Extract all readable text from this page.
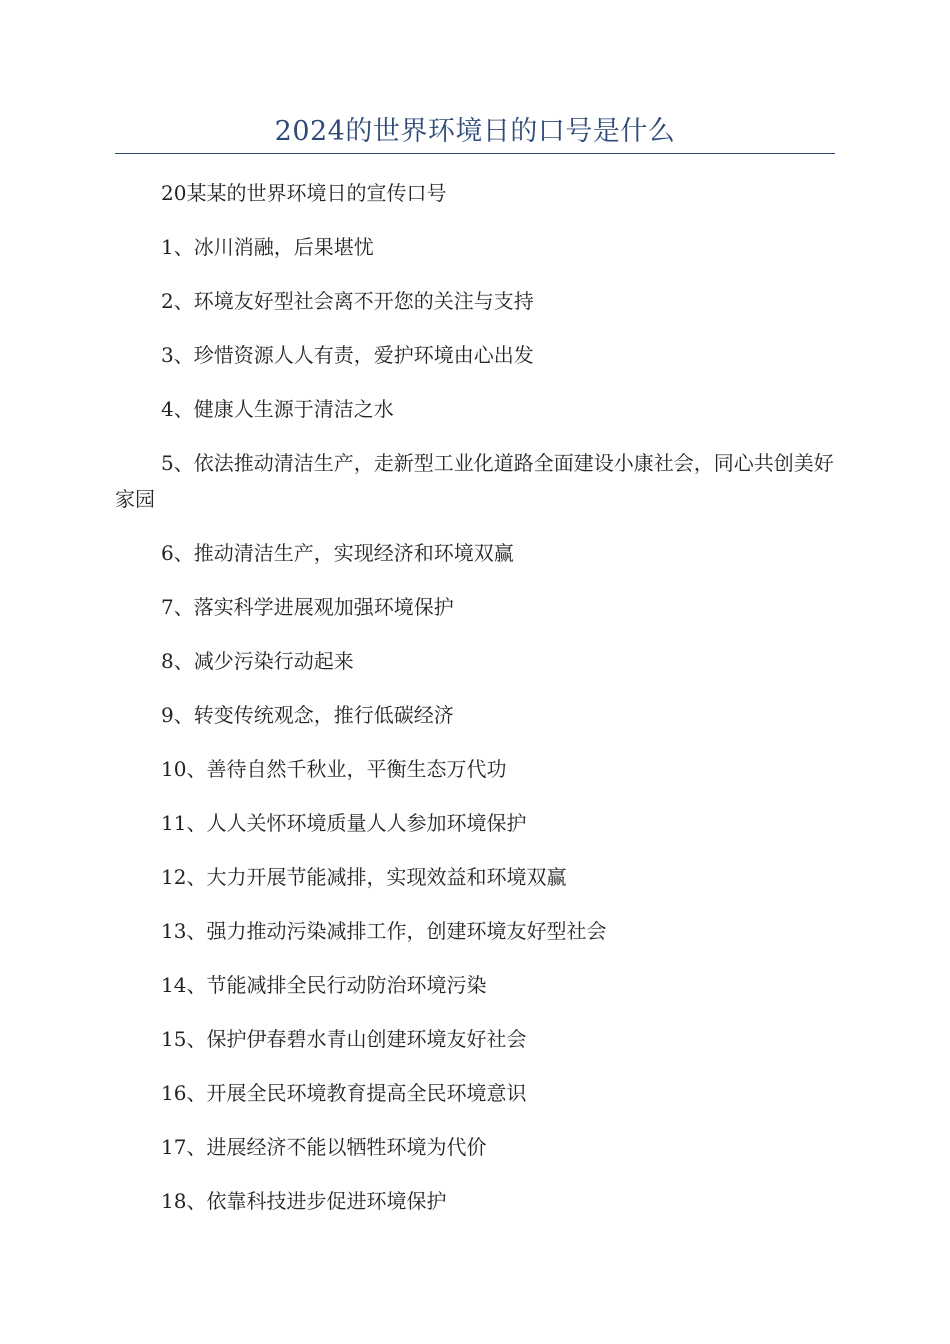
2024的世界环境日的口号是什么

20某某的世界环境日的宣传口号

1、冰川消融，后果堪忧

2、环境友好型社会离不开您的关注与支持

3、珍惜资源人人有责，爱护环境由心出发

4、健康人生源于清洁之水

5、依法推动清洁生产，走新型工业化道路全面建设小康社会，同心共创美好家园

6、推动清洁生产，实现经济和环境双赢

7、落实科学进展观加强环境保护

8、减少污染行动起来

9、转变传统观念，推行低碳经济

10、善待自然千秋业，平衡生态万代功

11、人人关怀环境质量人人参加环境保护

12、大力开展节能减排，实现效益和环境双赢

13、强力推动污染减排工作，创建环境友好型社会

14、节能减排全民行动防治环境污染

15、保护伊春碧水青山创建环境友好社会

16、开展全民环境教育提高全民环境意识

17、进展经济不能以牺牲环境为代价

18、依靠科技进步促进环境保护
